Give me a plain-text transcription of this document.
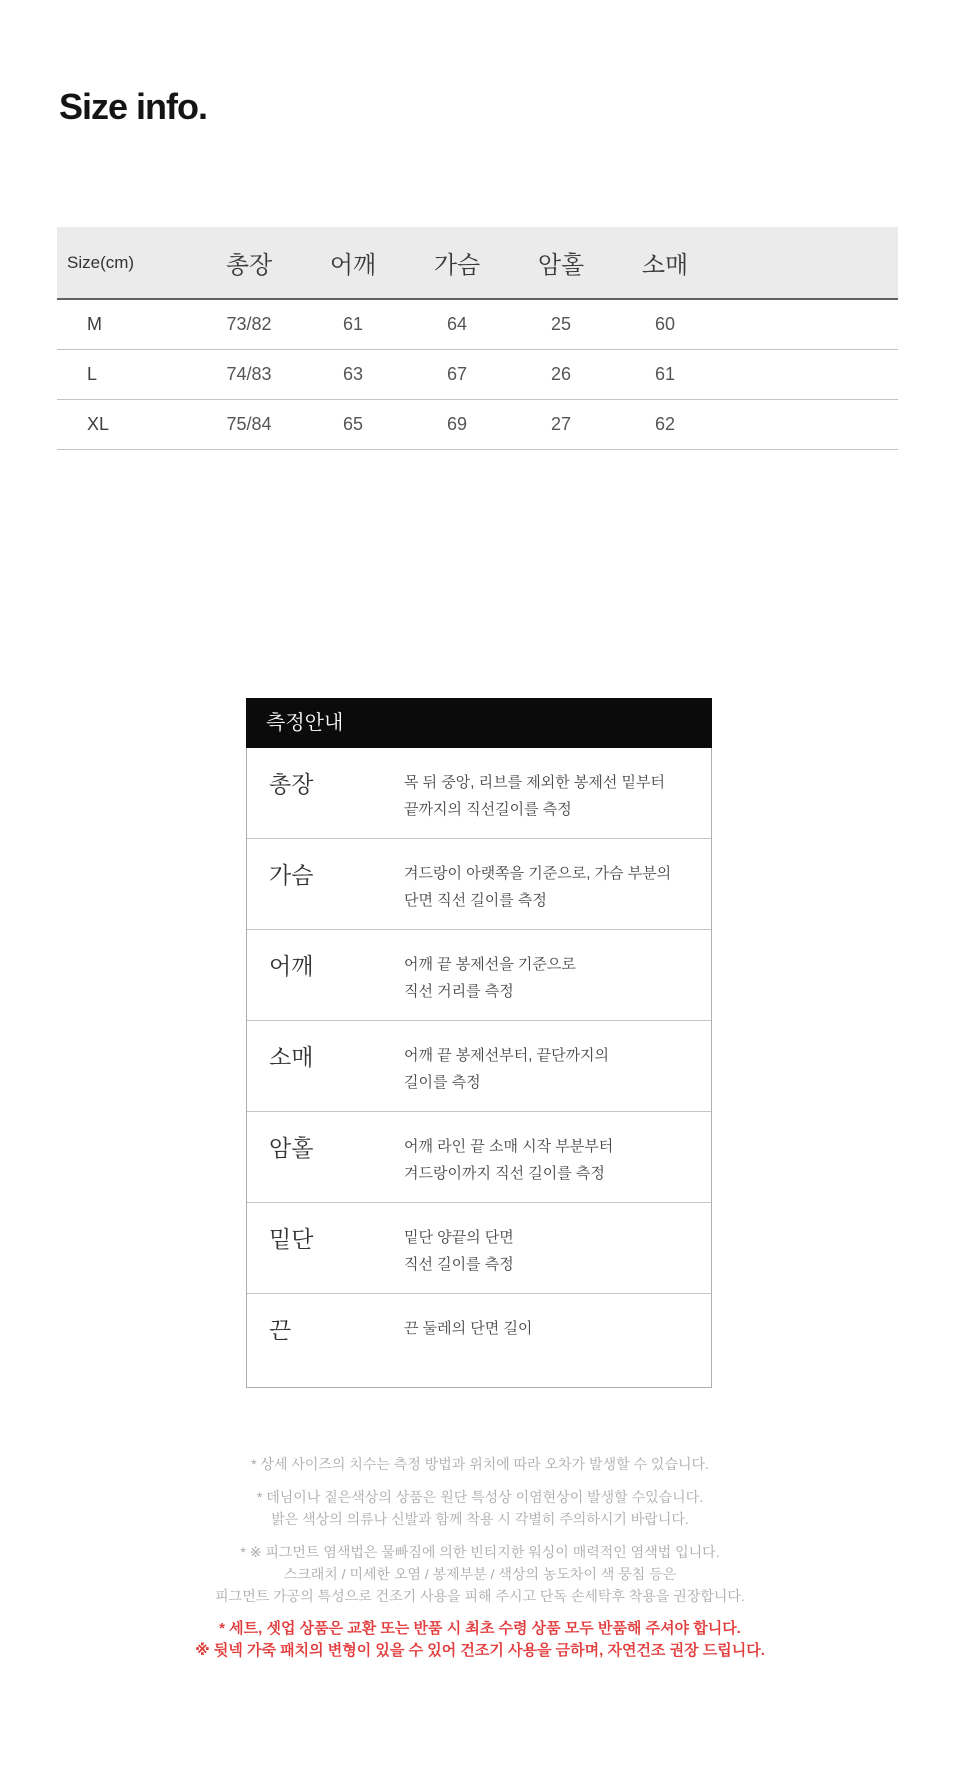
Size info.
Size(cm)	총장	어깨	가슴	암홀	소매	
M	73/82	61	64	25	60	
L	74/83	63	67	26	61	
XL	75/84	65	69	27	62	
측정안내
총장	목 뒤 중앙, 리브를 제외한 봉제선 밑부터
끝까지의 직선길이를 측정
가슴	겨드랑이 아랫쪽을 기준으로, 가슴 부분의
단면 직선 길이를 측정
어깨	어깨 끝 봉제선을 기준으로
직선 거리를 측정
소매	어깨 끝 봉제선부터, 끝단까지의
길이를 측정
암홀	어깨 라인 끝 소매 시작 부분부터
겨드랑이까지 직선 길이를 측정
밑단	밑단 양끝의 단면
직선 길이를 측정
끈	끈 둘레의 단면 길이
* 상세 사이즈의 치수는 측정 방법과 위치에 따라 오차가 발생할 수 있습니다.
* 데님이나 짙은색상의 상품은 원단 특성상 이염현상이 발생할 수있습니다.
밝은 색상의 의류나 신발과 함께 착용 시 각별히 주의하시기 바랍니다.
* ※ 피그먼트 염색법은 물빠짐에 의한 빈티지한 워싱이 매력적인 염색법 입니다.
스크래치 / 미세한 오염 / 봉제부분 / 색상의 농도차이 색 뭉침 등은
피그먼트 가공의 특성으로 건조기 사용을 피해 주시고 단독 손세탁후 착용을 권장합니다.
* 세트, 셋업 상품은 교환 또는 반품 시 최초 수령 상품 모두 반품해 주셔야 합니다.
※ 뒷넥 가죽 패치의 변형이 있을 수 있어 건조기 사용을 금하며, 자연건조 권장 드립니다.
